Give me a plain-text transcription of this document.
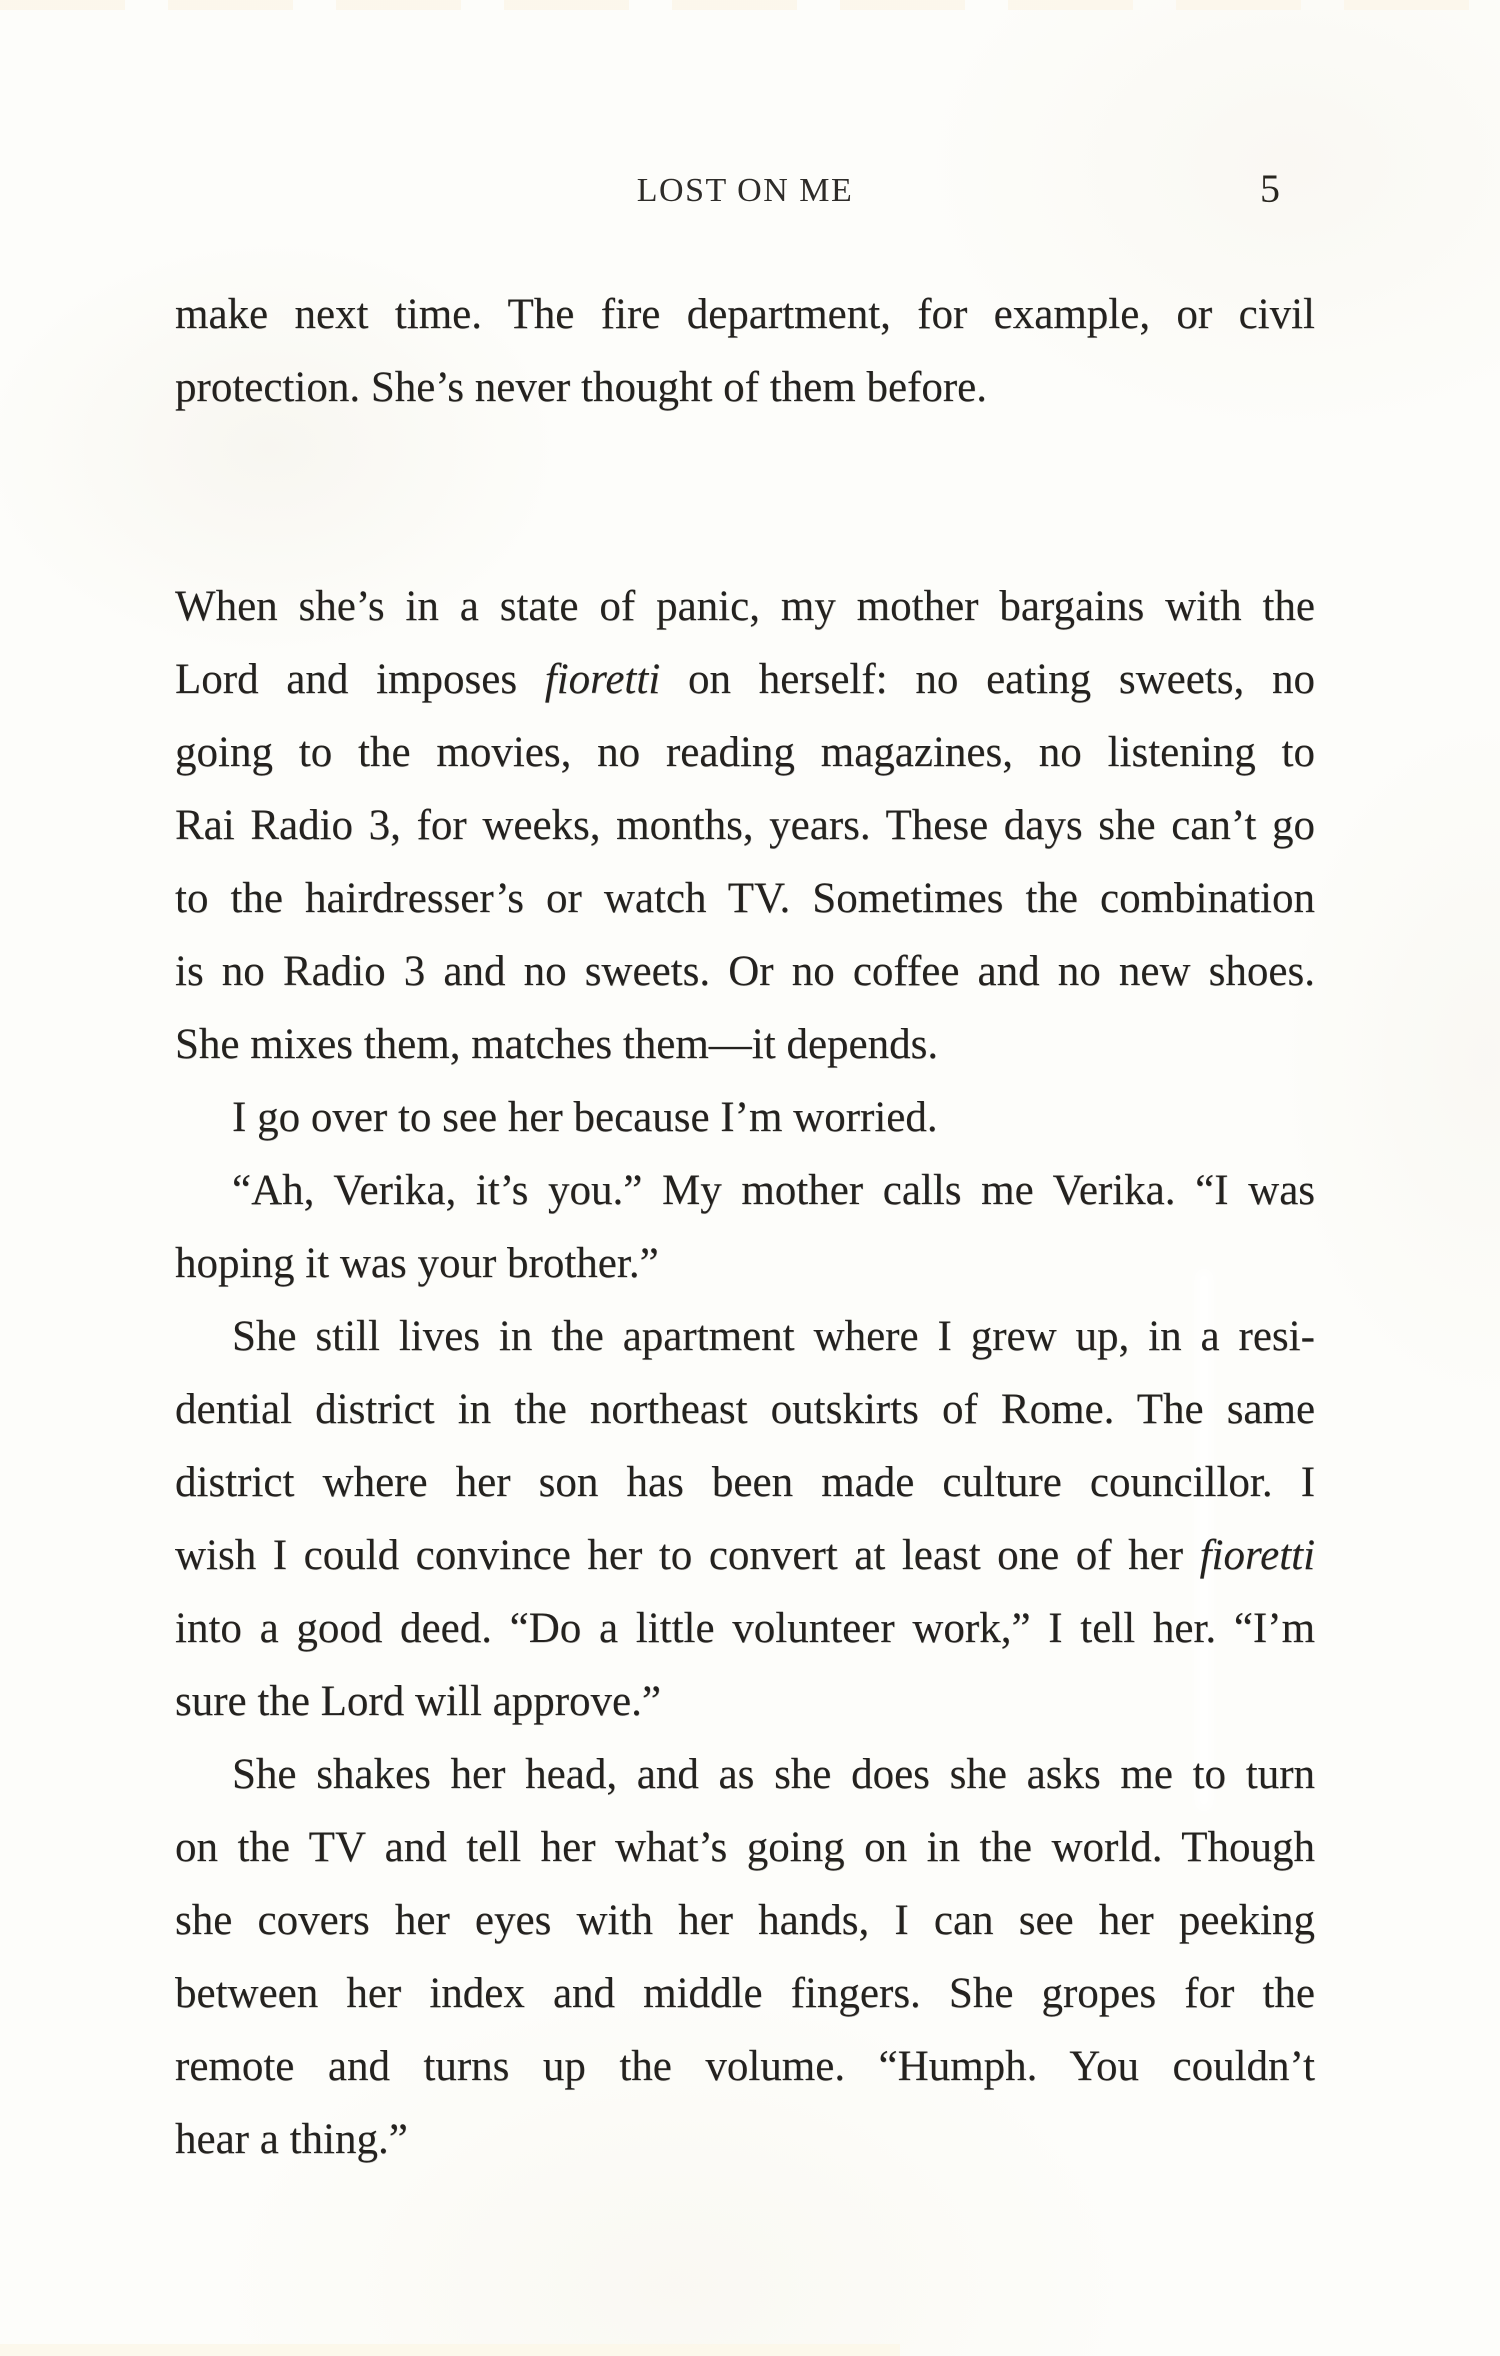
LOST ON ME	5
make next time. The fire department, for example, or civil
protection. She’s never thought of them before.
When she’s in a state of panic, my mother bargains with the
Lord and imposes fioretti on herself: no eating sweets, no
going to the movies, no reading magazines, no listening to
Rai Radio 3, for weeks, months, years. These days she can’t go
to the hairdresser’s or watch TV. Sometimes the combination
is no Radio 3 and no sweets. Or no coffee and no new shoes.
She mixes them, matches them—it depends.
I go over to see her because I’m worried.
“Ah, Verika, it’s you.” My mother calls me Verika. “I was
hoping it was your brother.”
She still lives in the apartment where I grew up, in a resi-
dential district in the northeast outskirts of Rome. The same
district where her son has been made culture councillor. I
wish I could convince her to convert at least one of her fioretti
into a good deed. “Do a little volunteer work,” I tell her. “I’m
sure the Lord will approve.”
She shakes her head, and as she does she asks me to turn
on the TV and tell her what’s going on in the world. Though
she covers her eyes with her hands, I can see her peeking
between her index and middle fingers. She gropes for the
remote and turns up the volume. “Humph. You couldn’t
hear a thing.”
